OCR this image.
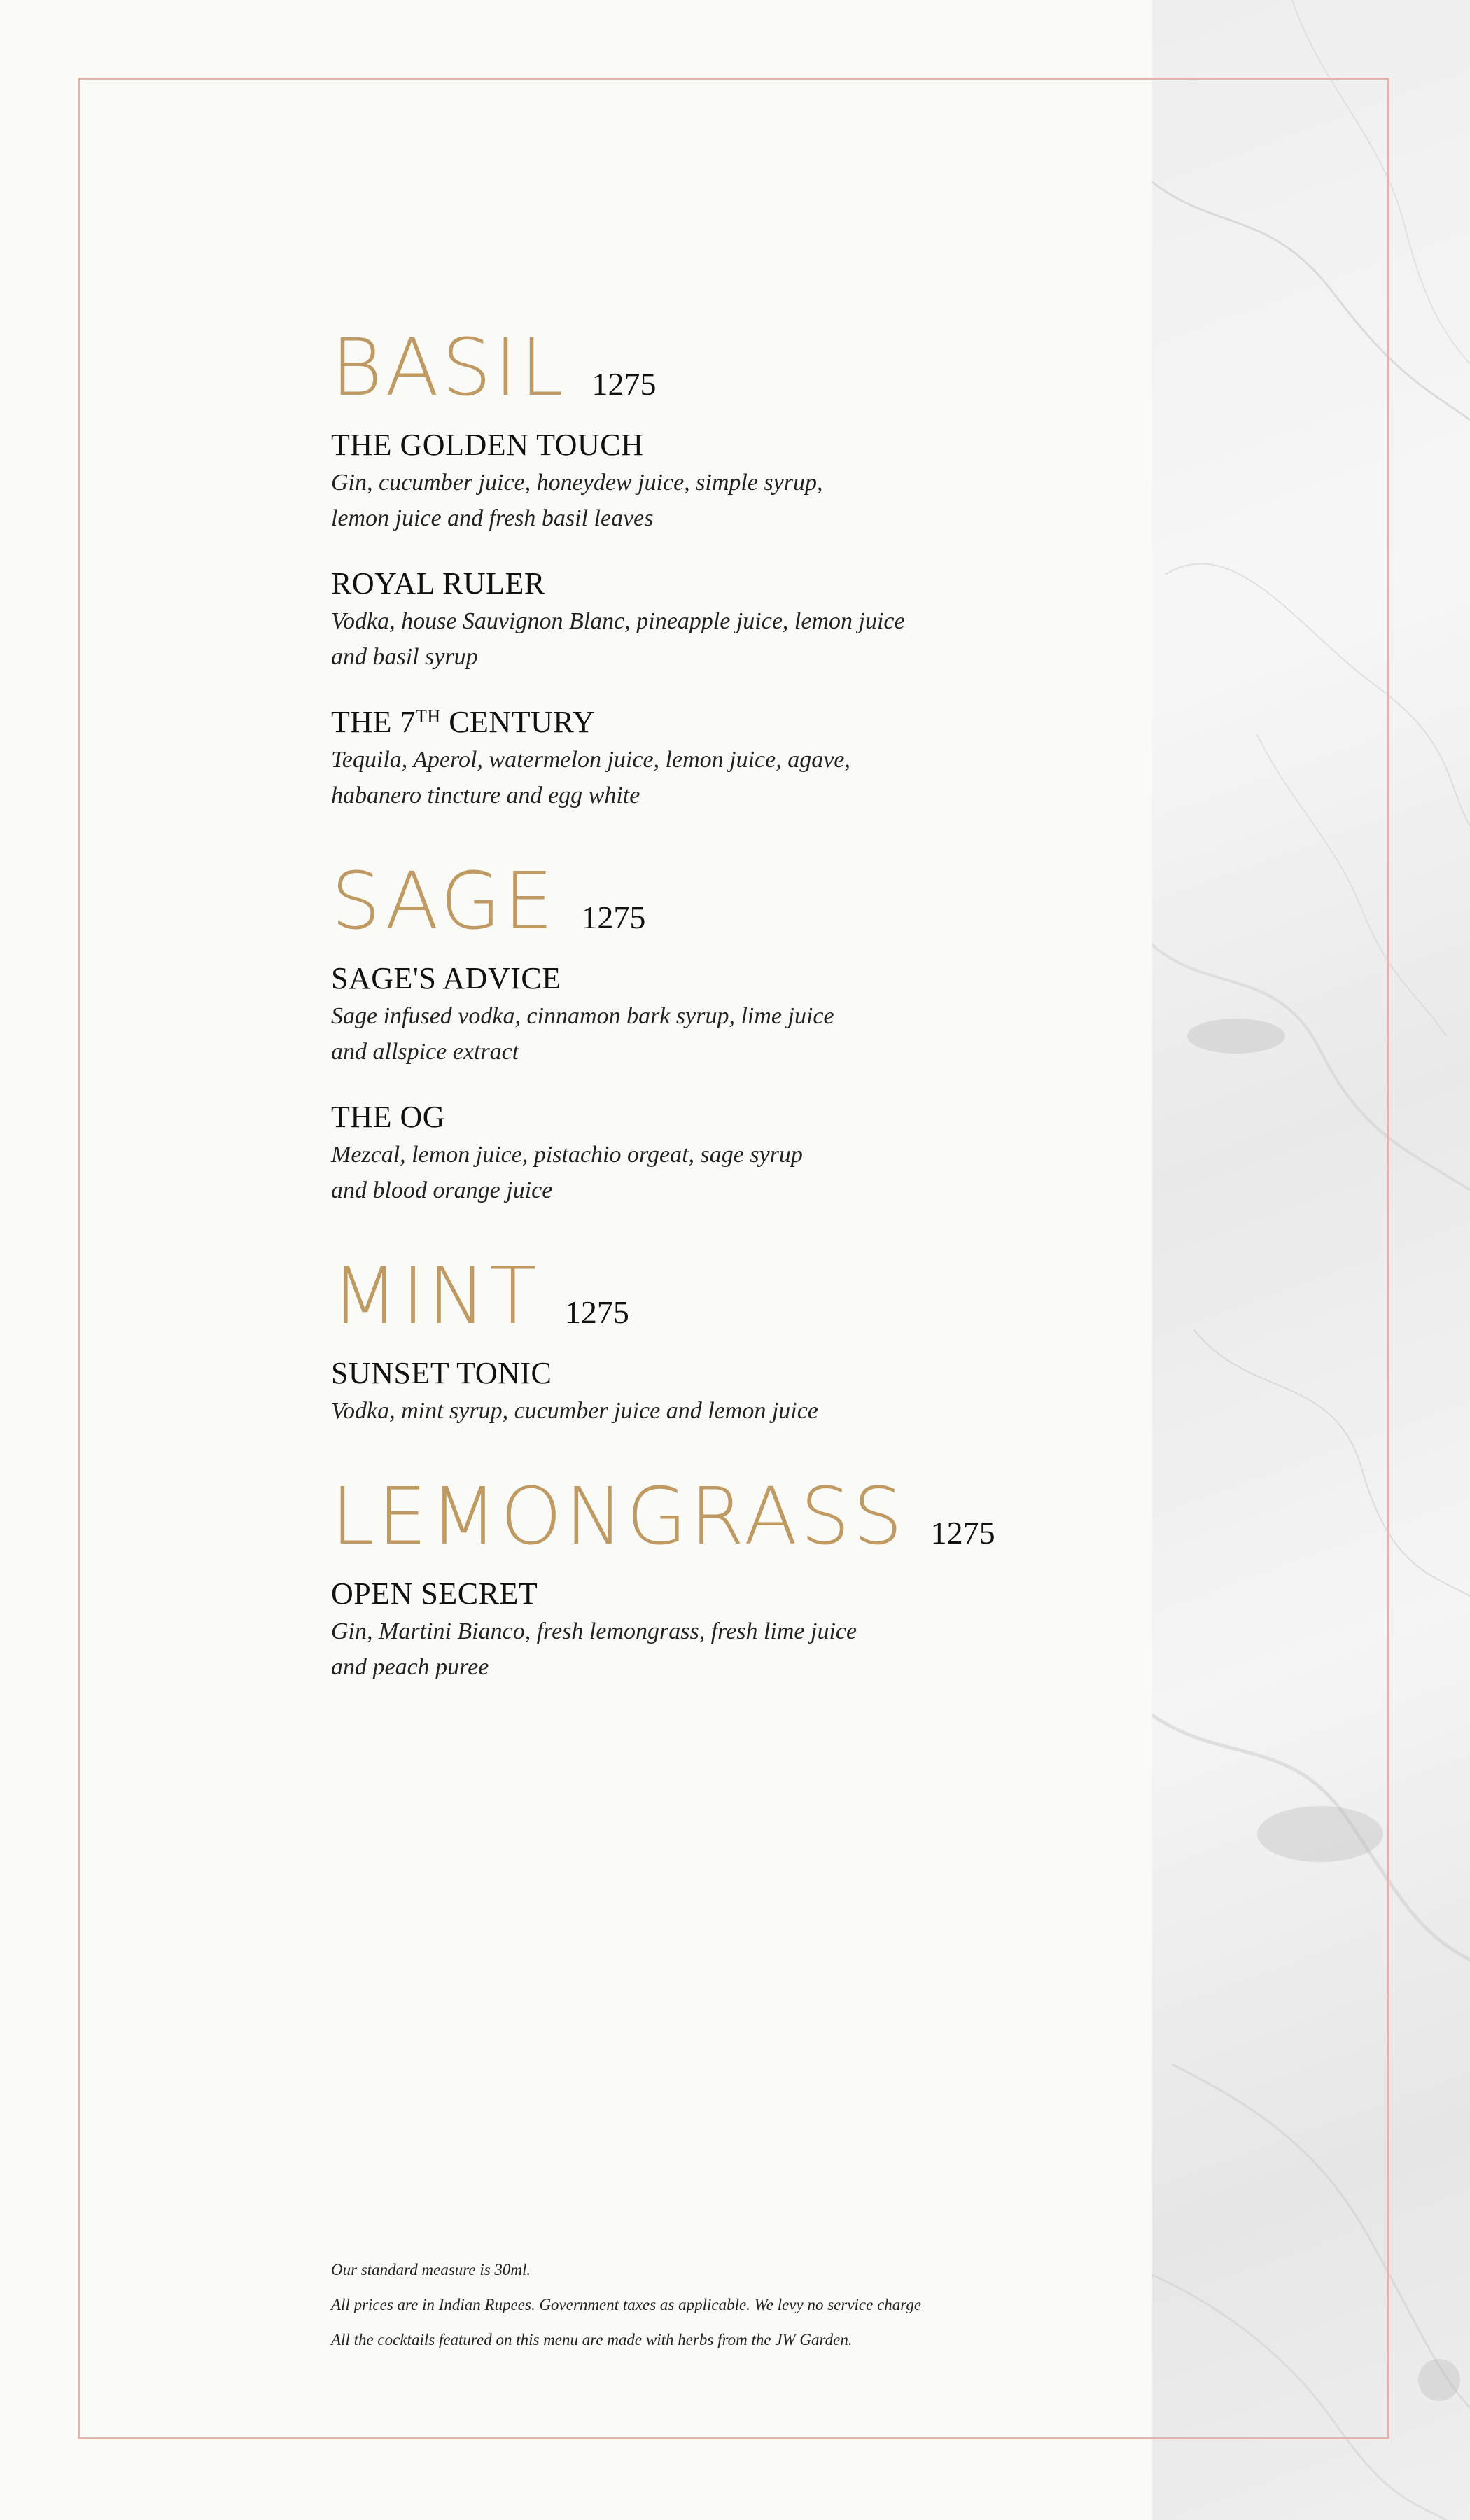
BASIL 1275
THE GOLDEN TOUCH
Gin, cucumber juice, honeydew juice, simple syrup,
lemon juice and fresh basil leaves
ROYAL RULER
Vodka, house Sauvignon Blanc, pineapple juice, lemon juice
and basil syrup
THE 7TH CENTURY
Tequila, Aperol, watermelon juice, lemon juice, agave,
habanero tincture and egg white
SAGE 1275
SAGE'S ADVICE
Sage infused vodka, cinnamon bark syrup, lime juice
and allspice extract
THE OG
Mezcal, lemon juice, pistachio orgeat, sage syrup
and blood orange juice
MINT 1275
SUNSET TONIC
Vodka, mint syrup, cucumber juice and lemon juice
LEMONGRASS 1275
OPEN SECRET
Gin, Martini Bianco, fresh lemongrass, fresh lime juice
and peach puree
Our standard measure is 30ml.
All prices are in Indian Rupees. Government taxes as applicable. We levy no service charge
All the cocktails featured on this menu are made with herbs from the JW Garden.
